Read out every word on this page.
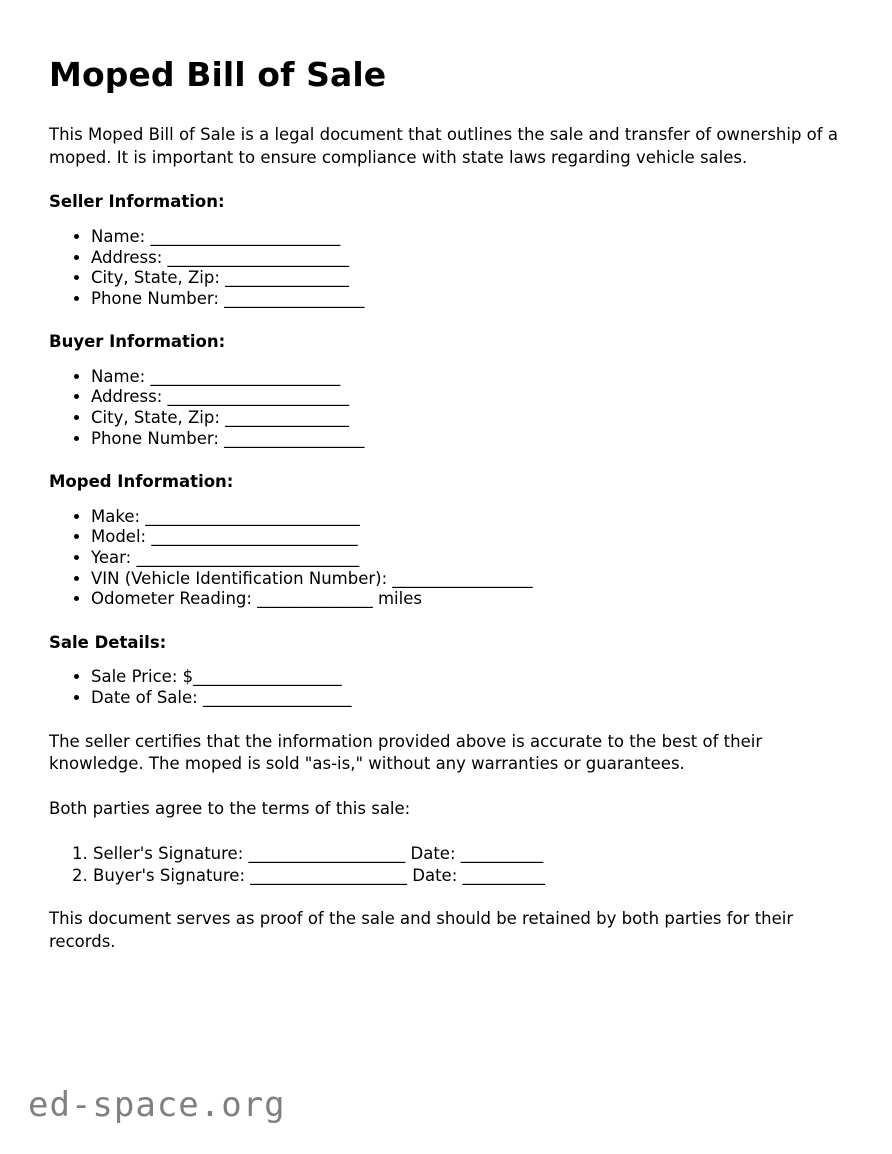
Moped Bill of Sale

This Moped Bill of Sale is a legal document that outlines the sale and transfer of ownership of a moped. It is important to ensure compliance with state laws regarding vehicle sales.

Seller Information:
• Name: _______________________
• Address: ______________________
• City, State, Zip: _______________
• Phone Number: _________________
Buyer Information:
• Name: _______________________
• Address: ______________________
• City, State, Zip: _______________
• Phone Number: _________________
Moped Information:
• Make: __________________________
• Model: _________________________
• Year: ___________________________
• VIN (Vehicle Identification Number): _________________
• Odometer Reading: ______________ miles
Sale Details:
• Sale Price: $__________________
• Date of Sale: __________________

The seller certifies that the information provided above is accurate to the best of their knowledge. The moped is sold "as-is," without any warranties or guarantees.

Both parties agree to the terms of this sale:

1. Seller's Signature: ___________________ Date: __________
2. Buyer's Signature: ___________________ Date: __________

This document serves as proof of the sale and should be retained by both parties for their records.

ed-space.org
